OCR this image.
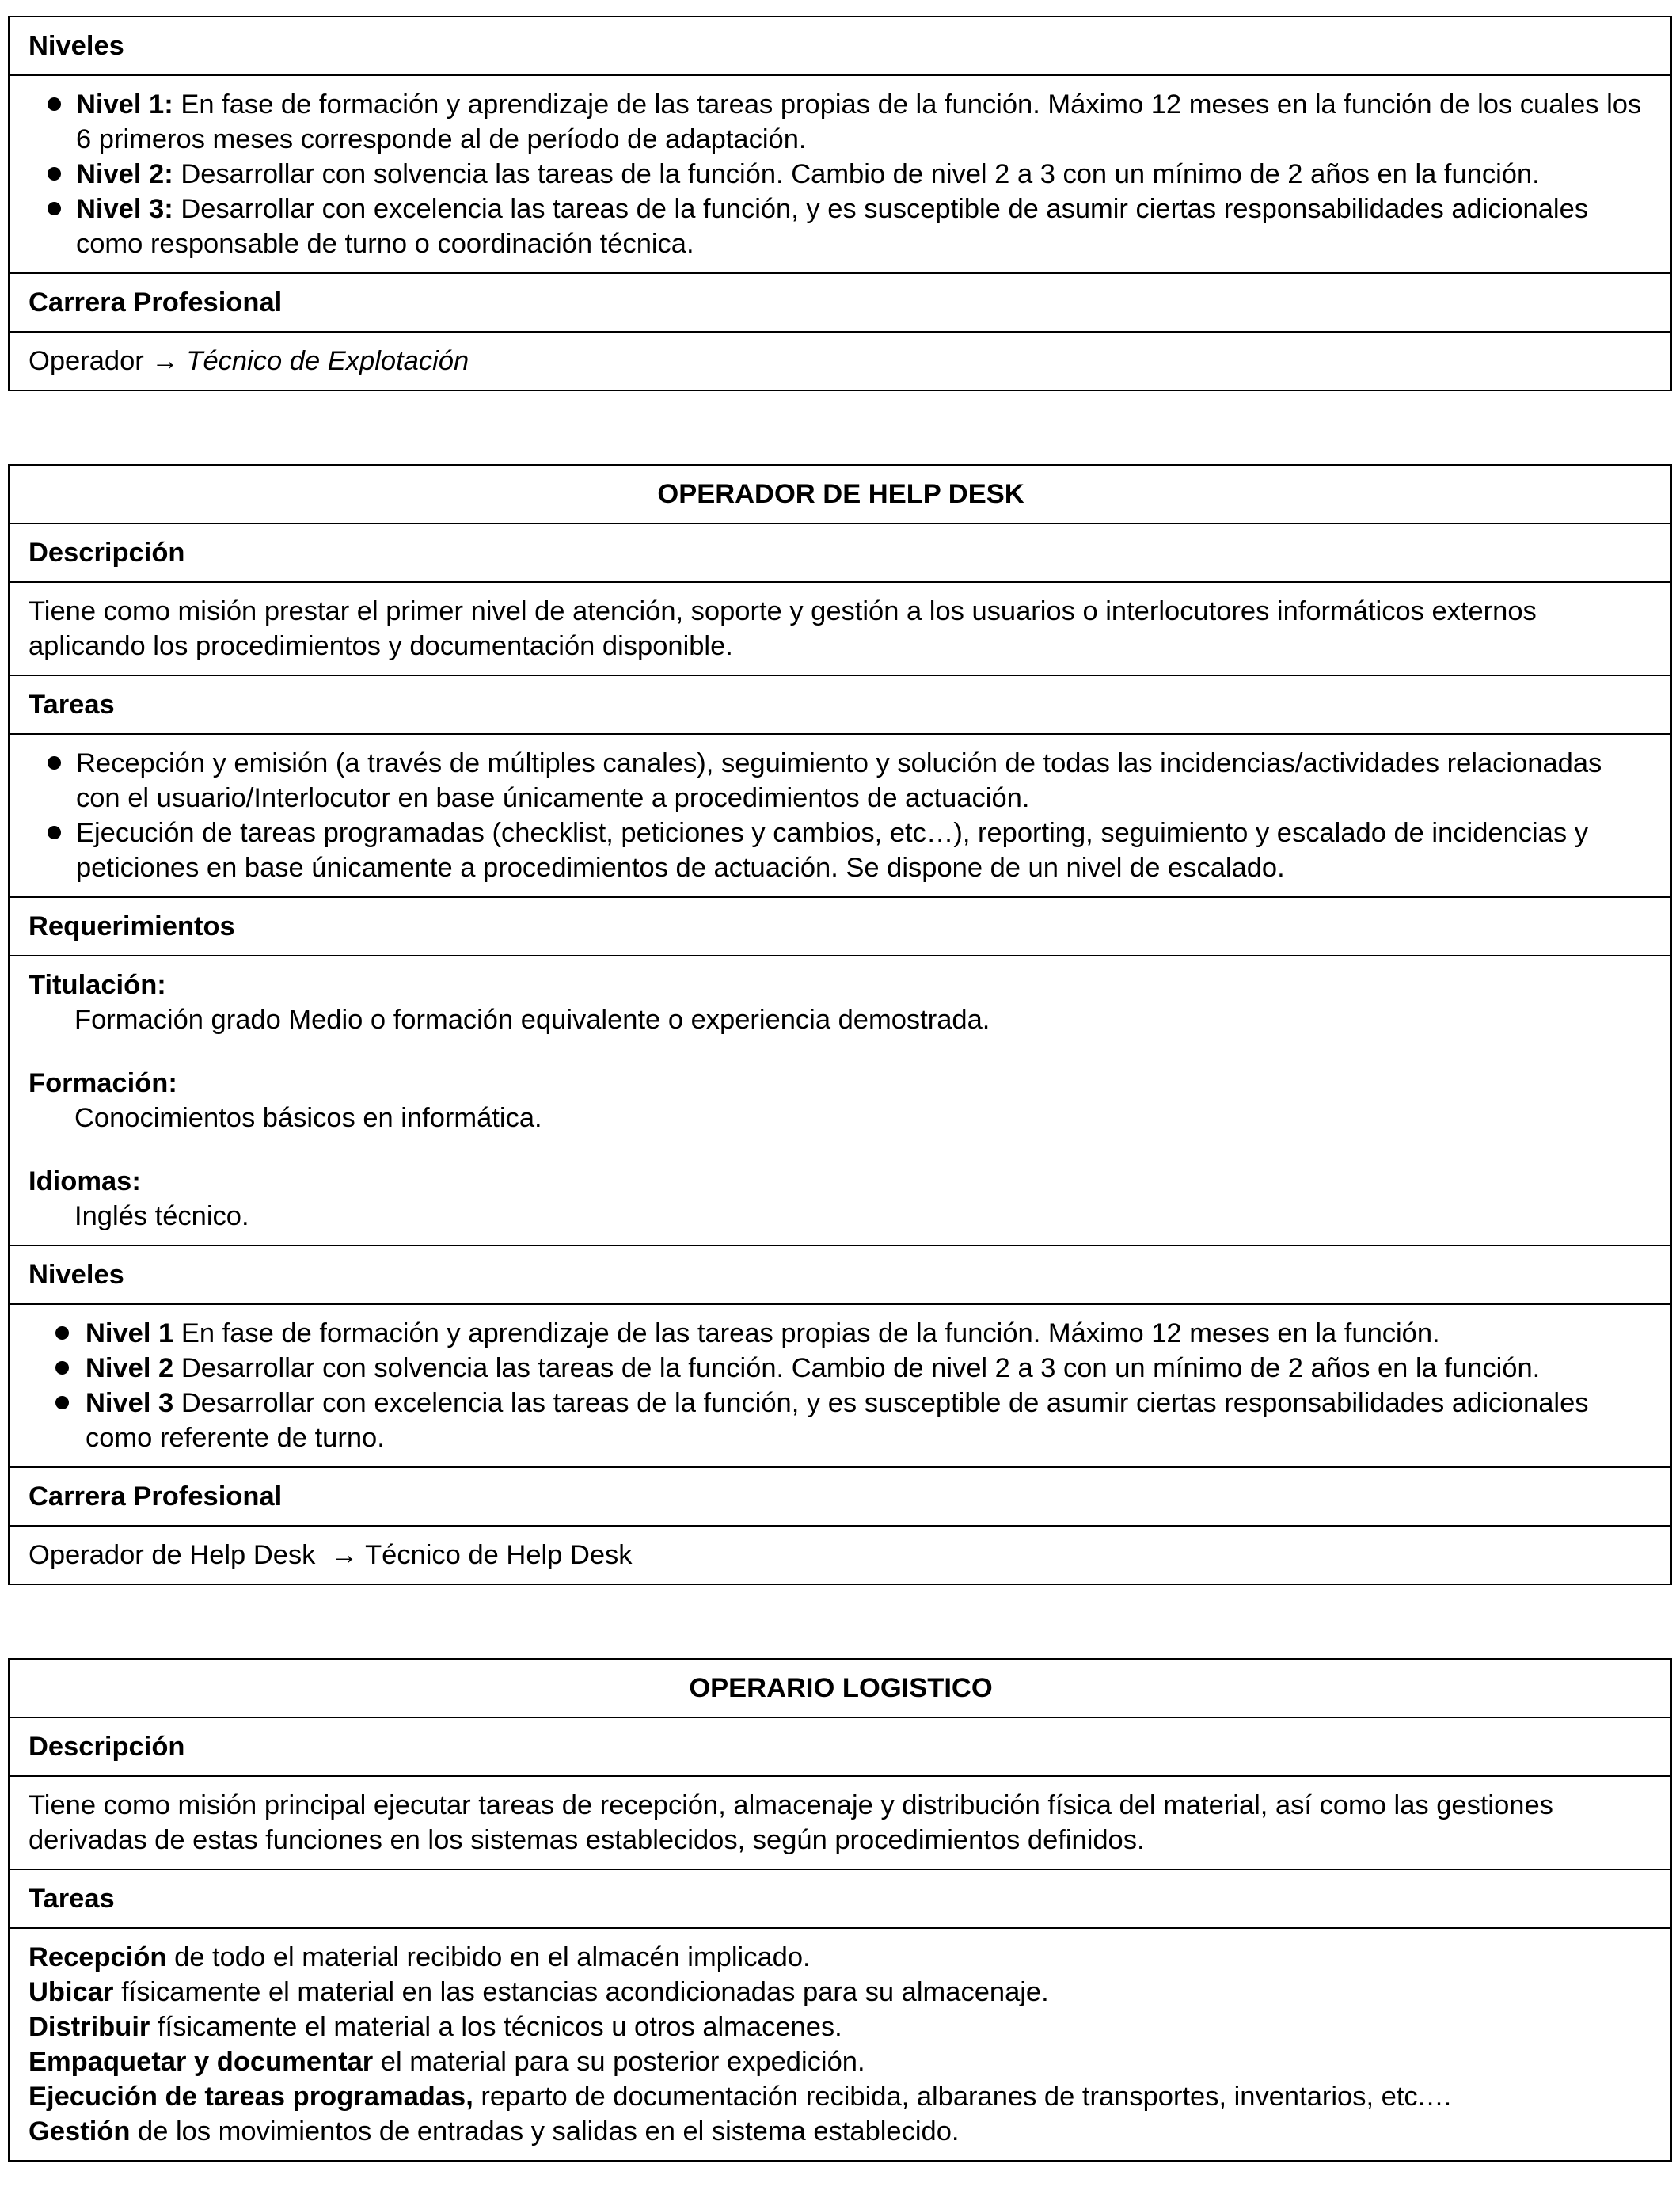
Niveles

Nivel 1: En fase de formación y aprendizaje de las tareas propias de la función. Máximo 12 meses en la función de los cuales los 6 primeros meses corresponde al de período de adaptación.
Nivel 2: Desarrollar con solvencia las tareas de la función. Cambio de nivel 2 a 3 con un mínimo de 2 años en la función.
Nivel 3: Desarrollar con excelencia las tareas de la función, y es susceptible de asumir ciertas responsabilidades adicionales como responsable de turno o coordinación técnica.

Carrera Profesional
Operador → Técnico de Explotación
OPERADOR DE HELP DESK
Descripción
Tiene como misión prestar el primer nivel de atención, soporte y gestión a los usuarios o interlocutores informáticos externos aplicando los procedimientos y documentación disponible.
Tareas

Recepción y emisión (a través de múltiples canales), seguimiento y solución de todas las incidencias/actividades relacionadas con el usuario/Interlocutor en base únicamente a procedimientos de actuación.
Ejecución de tareas programadas (checklist, peticiones y cambios, etc…), reporting, seguimiento y escalado de incidencias y peticiones en base únicamente a procedimientos de actuación. Se dispone de un nivel de escalado.

Requerimientos

Titulación:
Formación grado Medio o formación equivalente o experiencia demostrada.
Formación:
Conocimientos básicos en informática.
Idiomas:
Inglés técnico.

Niveles

Nivel 1 En fase de formación y aprendizaje de las tareas propias de la función. Máximo 12 meses en la función.
Nivel 2 Desarrollar con solvencia las tareas de la función. Cambio de nivel 2 a 3 con un mínimo de 2 años en la función.
Nivel 3 Desarrollar con excelencia las tareas de la función, y es susceptible de asumir ciertas responsabilidades adicionales como referente de turno.

Carrera Profesional
Operador de Help Desk  → Técnico de Help Desk
OPERARIO LOGISTICO
Descripción
Tiene como misión principal ejecutar tareas de recepción, almacenaje y distribución física del material, así como las gestiones derivadas de estas funciones en los sistemas establecidos, según procedimientos definidos.
Tareas

Recepción de todo el material recibido en el almacén implicado.
Ubicar físicamente el material en las estancias acondicionadas para su almacenaje.
Distribuir físicamente el material a los técnicos u otros almacenes.
Empaquetar y documentar el material para su posterior expedición.
Ejecución de tareas programadas, reparto de documentación recibida, albaranes de transportes, inventarios, etc.…
Gestión de los movimientos de entradas y salidas en el sistema establecido.
